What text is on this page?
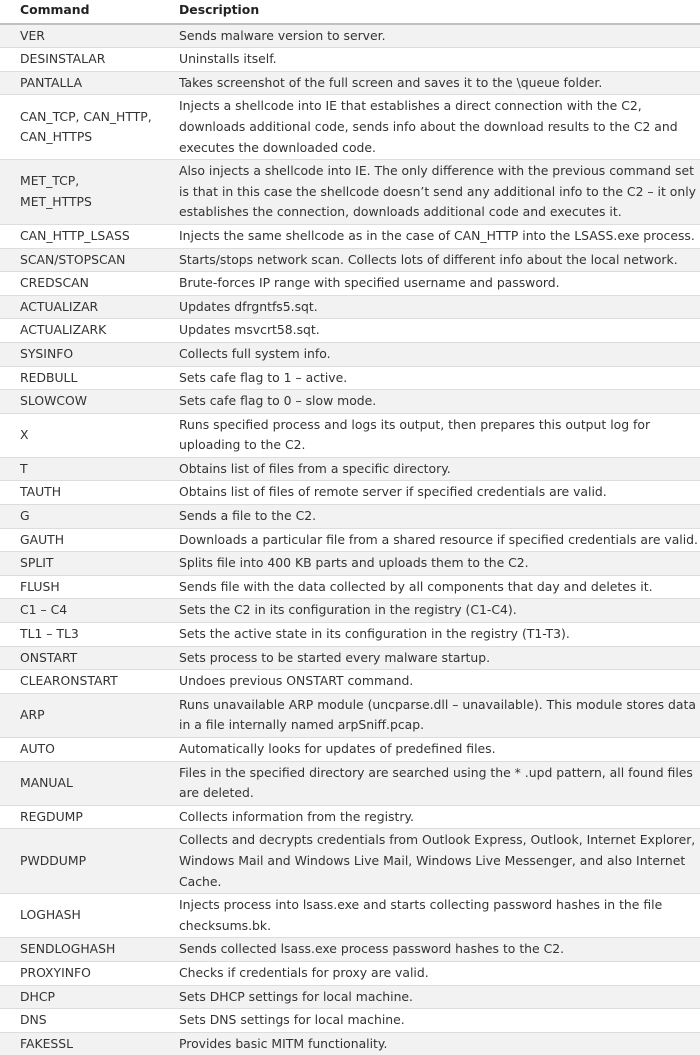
Command	Description
VER	Sends malware version to server.
DESINSTALAR	Uninstalls itself.
PANTALLA	Takes screenshot of the full screen and saves it to the \queue folder.
CAN_TCP, CAN_HTTP, CAN_HTTPS	Injects a shellcode into IE that establishes a direct connection with the C2, downloads additional code, sends info about the download results to the C2 and executes the downloaded code.
MET_TCP, MET_HTTPS	Also injects a shellcode into IE. The only difference with the previous command set is that in this case the shellcode doesn’t send any additional info to the C2 – it only establishes the connection, downloads additional code and executes it.
CAN_HTTP_LSASS	Injects the same shellcode as in the case of CAN_HTTP into the LSASS.exe process.
SCAN/STOPSCAN	Starts/stops network scan. Collects lots of different info about the local network.
CREDSCAN	Brute-forces IP range with specified username and password.
ACTUALIZAR	Updates dfrgntfs5.sqt.
ACTUALIZARK	Updates msvcrt58.sqt.
SYSINFO	Collects full system info.
REDBULL	Sets cafe flag to 1 – active.
SLOWCOW	Sets cafe flag to 0 – slow mode.
X	Runs specified process and logs its output, then prepares this output log for uploading to the C2.
T	Obtains list of files from a specific directory.
TAUTH	Obtains list of files of remote server if specified credentials are valid.
G	Sends a file to the C2.
GAUTH	Downloads a particular file from a shared resource if specified credentials are valid.
SPLIT	Splits file into 400 KB parts and uploads them to the C2.
FLUSH	Sends file with the data collected by all components that day and deletes it.
C1 – C4	Sets the C2 in its configuration in the registry (C1-C4).
TL1 – TL3	Sets the active state in its configuration in the registry (T1-T3).
ONSTART	Sets process to be started every malware startup.
CLEARONSTART	Undoes previous ONSTART command.
ARP	Runs unavailable ARP module (uncparse.dll – unavailable). This module stores data in a file internally named arpSniff.pcap.
AUTO	Automatically looks for updates of predefined files.
MANUAL	Files in the specified directory are searched using the * .upd pattern, all found files are deleted.
REGDUMP	Collects information from the registry.
PWDDUMP	Collects and decrypts credentials from Outlook Express, Outlook, Internet Explorer, Windows Mail and Windows Live Mail, Windows Live Messenger, and also Internet Cache.
LOGHASH	Injects process into lsass.exe and starts collecting password hashes in the file checksums.bk.
SENDLOGHASH	Sends collected lsass.exe process password hashes to the C2.
PROXYINFO	Checks if credentials for proxy are valid.
DHCP	Sets DHCP settings for local machine.
DNS	Sets DNS settings for local machine.
FAKESSL	Provides basic MITM functionality.
